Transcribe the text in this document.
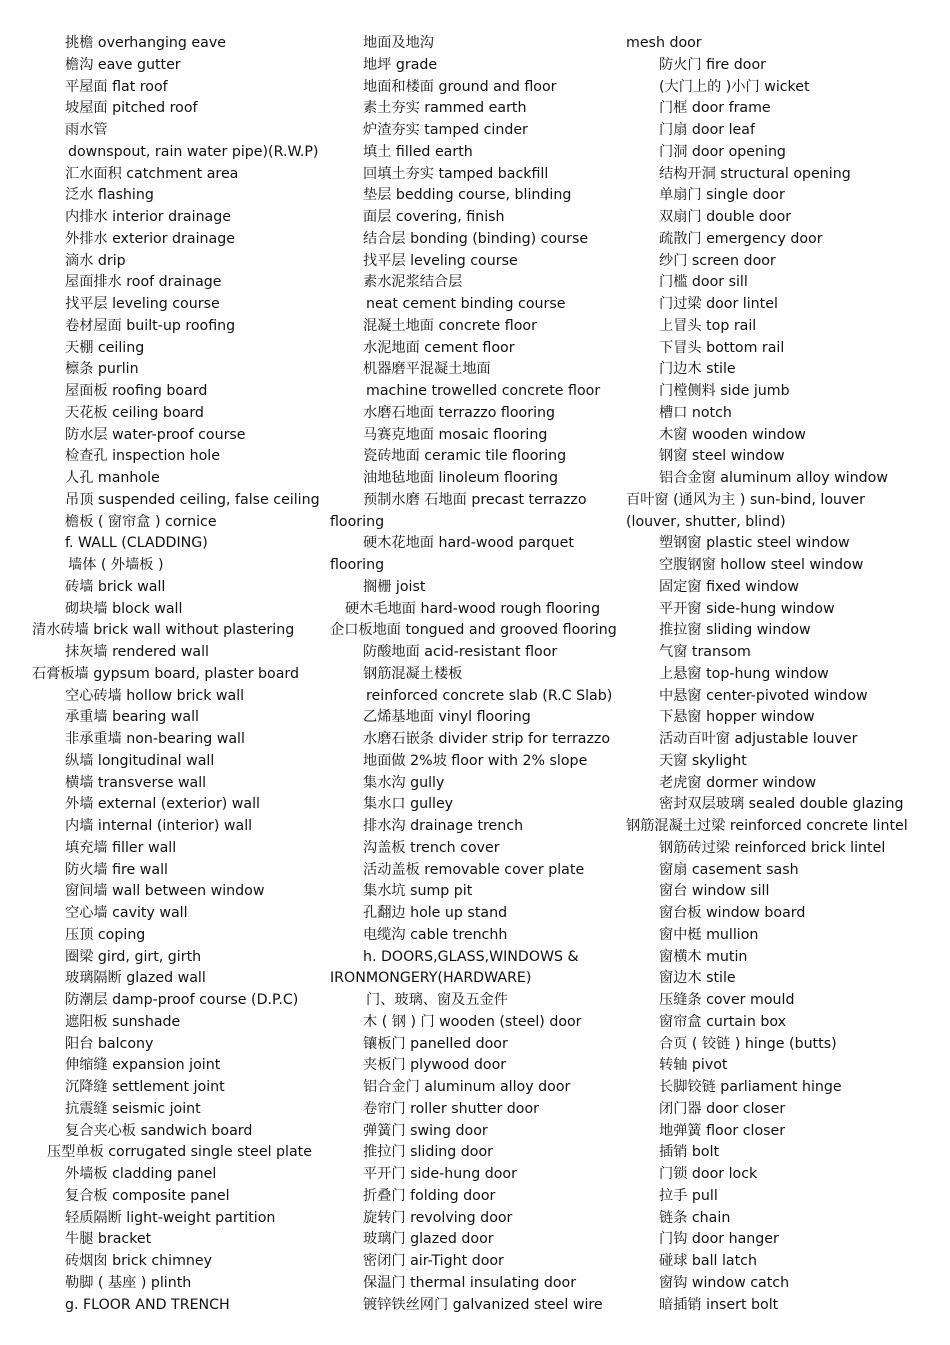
挑檐 overhanging eave
檐沟 eave gutter
平屋面 flat roof
坡屋面 pitched roof
雨水管
downspout, rain water pipe)(R.W.P)
汇水面积 catchment area
泛水 flashing
内排水 interior drainage
外排水 exterior drainage
滴水 drip
屋面排水 roof drainage
找平层 leveling course
卷材屋面 built-up roofing
天棚 ceiling
檩条 purlin
屋面板 roofing board
天花板 ceiling board
防水层 water-proof course
检查孔 inspection hole
人孔 manhole
吊顶 suspended ceiling, false ceiling
檐板 ( 窗帘盒 ) cornice
f. WALL (CLADDING)
墙体 ( 外墙板 )
砖墙 brick wall
砌块墙 block wall
清水砖墙 brick wall without plastering
抹灰墙 rendered wall
石膏板墙 gypsum board, plaster board
空心砖墙 hollow brick wall
承重墙 bearing wall
非承重墙 non-bearing wall
纵墙 longitudinal wall
横墙 transverse wall
外墙 external (exterior) wall
内墙 internal (interior) wall
填充墙 filler wall
防火墙 fire wall
窗间墙 wall between window
空心墙 cavity wall
压顶 coping
圈梁 gird, girt, girth
玻璃隔断 glazed wall
防潮层 damp-proof course (D.P.C)
遮阳板 sunshade
阳台 balcony
伸缩缝 expansion joint
沉降缝 settlement joint
抗震缝 seismic joint
复合夹心板 sandwich board
压型单板 corrugated single steel plate
外墙板 cladding panel
复合板 composite panel
轻质隔断 light-weight partition
牛腿 bracket
砖烟囱 brick chimney
勒脚 ( 基座 ) plinth
g. FLOOR AND TRENCH
地面及地沟
地坪 grade
地面和楼面 ground and floor
素土夯实 rammed earth
炉渣夯实 tamped cinder
填土 filled earth
回填土夯实 tamped backfill
垫层 bedding course, blinding
面层 covering, finish
结合层 bonding (binding) course
找平层 leveling course
素水泥浆结合层
neat cement binding course
混凝土地面 concrete floor
水泥地面 cement floor
机器磨平混凝土地面
machine trowelled concrete floor
水磨石地面 terrazzo flooring
马赛克地面 mosaic flooring
瓷砖地面 ceramic tile flooring
油地毡地面 linoleum flooring
预制水磨 石地面 precast terrazzo
flooring
硬木花地面 hard-wood parquet
flooring
搁栅 joist
硬木毛地面 hard-wood rough flooring
企口板地面 tongued and grooved flooring
防酸地面 acid-resistant floor
钢筋混凝土楼板
reinforced concrete slab (R.C Slab)
乙烯基地面 vinyl flooring
水磨石嵌条 divider strip for terrazzo
地面做 2%坡 floor with 2% slope
集水沟 gully
集水口 gulley
排水沟 drainage trench
沟盖板 trench cover
活动盖板 removable cover plate
集水坑 sump pit
孔翻边 hole up stand
电缆沟 cable trenchh
h. DOORS,GLASS,WINDOWS &
IRONMONGERY(HARDWARE)
门、玻璃、窗及五金件
木 ( 钢 ) 门 wooden (steel) door
镶板门 panelled door
夹板门 plywood door
铝合金门 aluminum alloy door
卷帘门 roller shutter door
弹簧门 swing door
推拉门 sliding door
平开门 side-hung door
折叠门 folding door
旋转门 revolving door
玻璃门 glazed door
密闭门 air-Tight door
保温门 thermal insulating door
镀锌铁丝网门 galvanized steel wire
mesh door
防火门 fire door
(大门上的 )小门 wicket
门框 door frame
门扇 door leaf
门洞 door opening
结构开洞 structural opening
单扇门 single door
双扇门 double door
疏散门 emergency door
纱门 screen door
门槛 door sill
门过梁 door lintel
上冒头 top rail
下冒头 bottom rail
门边木 stile
门樘侧料 side jumb
槽口 notch
木窗 wooden window
钢窗 steel window
铝合金窗 aluminum alloy window
百叶窗 (通风为主 ) sun-bind, louver
(louver, shutter, blind)
塑钢窗 plastic steel window
空腹钢窗 hollow steel window
固定窗 fixed window
平开窗 side-hung window
推拉窗 sliding window
气窗 transom
上悬窗 top-hung window
中悬窗 center-pivoted window
下悬窗 hopper window
活动百叶窗 adjustable louver
天窗 skylight
老虎窗 dormer window
密封双层玻璃 sealed double glazing
钢筋混凝土过梁 reinforced concrete lintel
钢筋砖过梁 reinforced brick lintel
窗扇 casement sash
窗台 window sill
窗台板 window board
窗中梃 mullion
窗横木 mutin
窗边木 stile
压缝条 cover mould
窗帘盒 curtain box
合页 ( 铰链 ) hinge (butts)
转轴 pivot
长脚铰链 parliament hinge
闭门器 door closer
地弹簧 floor closer
插销 bolt
门锁 door lock
拉手 pull
链条 chain
门钩 door hanger
碰球 ball latch
窗钩 window catch
暗插销 insert bolt
